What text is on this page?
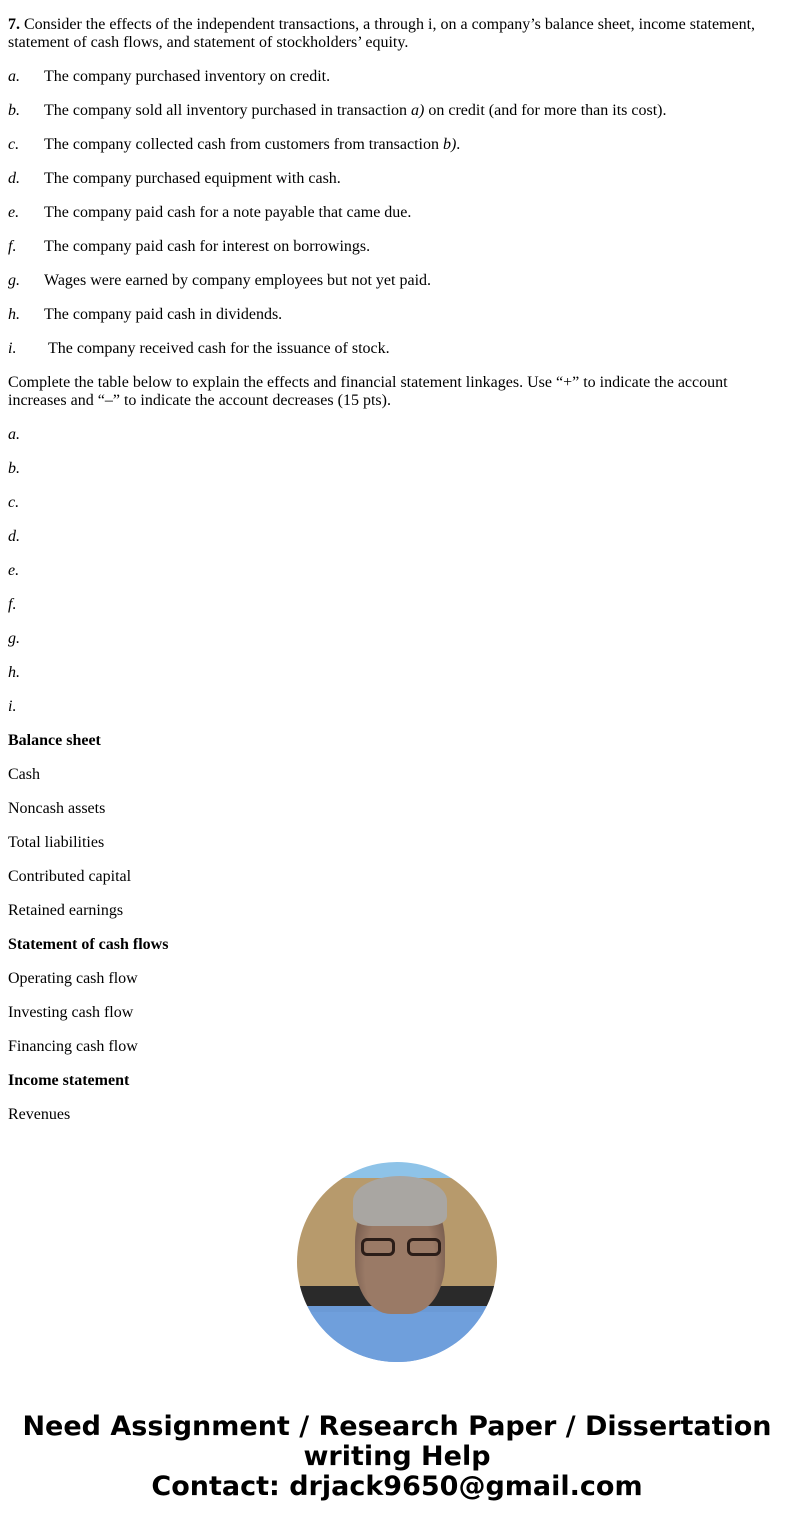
7. Consider the effects of the independent transactions, a through i, on a company’s balance sheet, income statement, statement of cash flows, and statement of stockholders’ equity.

a. The company purchased inventory on credit.

b. The company sold all inventory purchased in transaction a) on credit (and for more than its cost).

c. The company collected cash from customers from transaction b).

d. The company purchased equipment with cash.

e. The company paid cash for a note payable that came due.

f. The company paid cash for interest on borrowings.

g. Wages were earned by company employees but not yet paid.

h. The company paid cash in dividends.

i. The company received cash for the issuance of stock.

Complete the table below to explain the effects and financial statement linkages. Use “+” to indicate the account increases and “–” to indicate the account decreases (15 pts).

a.

b.

c.

d.

e.

f.

g.

h.

i.

Balance sheet

Cash

Noncash assets

Total liabilities

Contributed capital

Retained earnings

Statement of cash flows

Operating cash flow

Investing cash flow

Financing cash flow

Income statement

Revenues

Need Assignment / Research Paper / Dissertation writing Help
Contact: drjack9650@gmail.com
